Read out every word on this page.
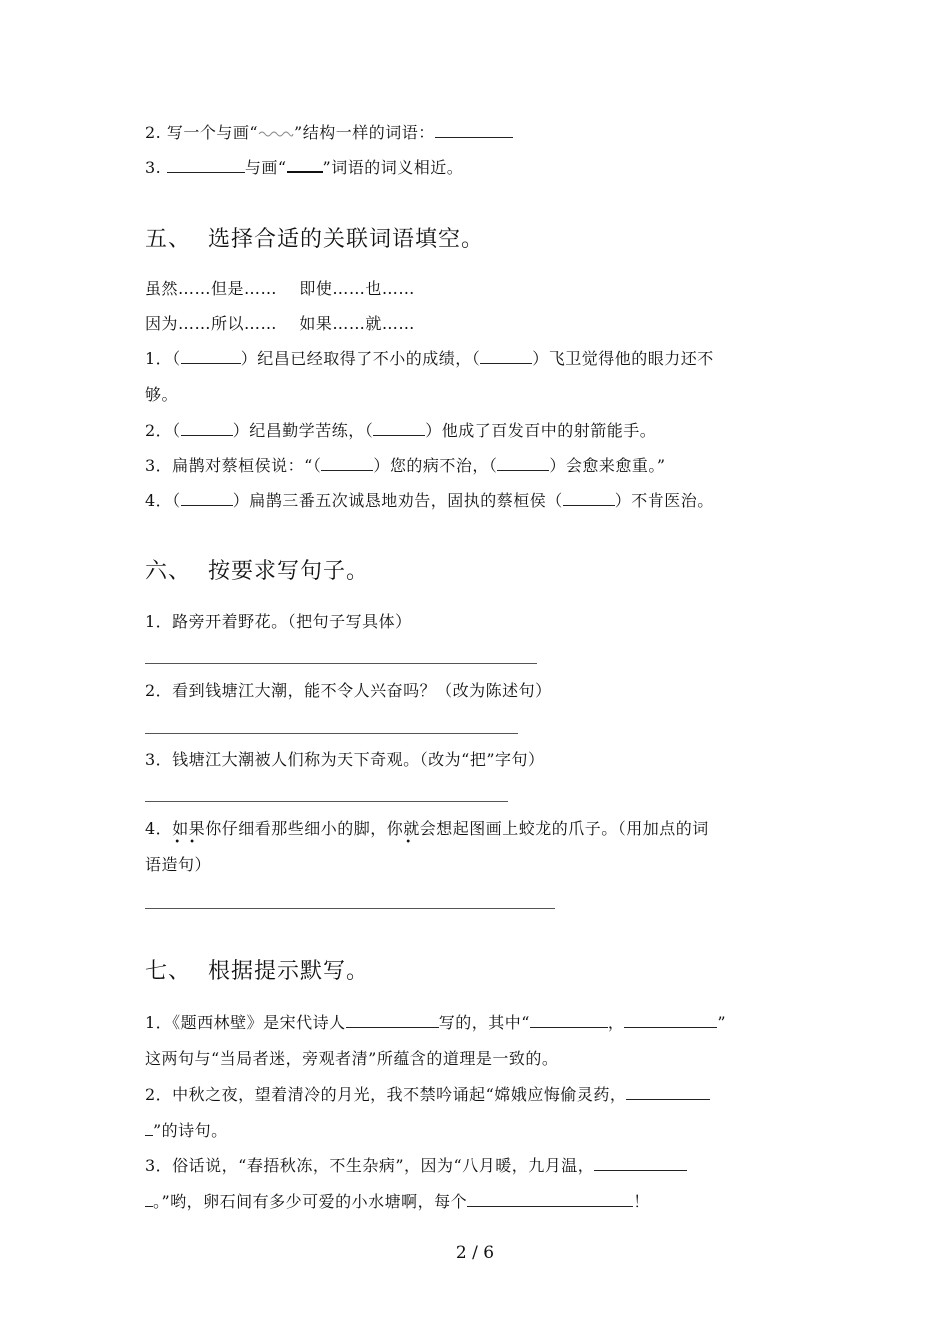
2. 写一个与画“ ”结构一样的词语：
3.	与画“ ”词语的词义相近。
五、 选择合适的关联词语填空。
虽然……但是……    即使……也……
因为……所以……    如果……就……
1．（	）纪昌已经取得了不小的成绩，（	）飞卫觉得他的眼力还不
够。
2．（	）纪昌勤学苦练，（	）他成了百发百中的射箭能手。
3．扁鹊对蔡桓侯说：“（	）您的病不治，（	）会愈来愈重。”
4．（	）扁鹊三番五次诚恳地劝告，固执的蔡桓侯（	）不肯医治。
六、 按要求写句子。
1．路旁开着野花。（把句子写具体）
2．看到钱塘江大潮，能不令人兴奋吗？（改为陈述句）
3．钱塘江大潮被人们称为天下奇观。（改为“把”字句）
4．如果
••
你仔细看那些细小的脚，你就
•
会想起图画上蛟龙的爪子。（用加点的词
语造句）
七、 根据提示默写。
1．《题西林壁》是宋代诗人	写的，其中“	，	”
这两句与“当局者迷，旁观者清”所蕴含的道理是一致的。
2．中秋之夜，望着清冷的月光，我不禁吟诵起“嫦娥应悔偷灵药，
”的诗句。
3．俗话说，“春捂秋冻，不生杂病”，因为“八月暖，九月温，
。”哟，卵石间有多少可爱的小水塘啊，每个	！
2 / 6
